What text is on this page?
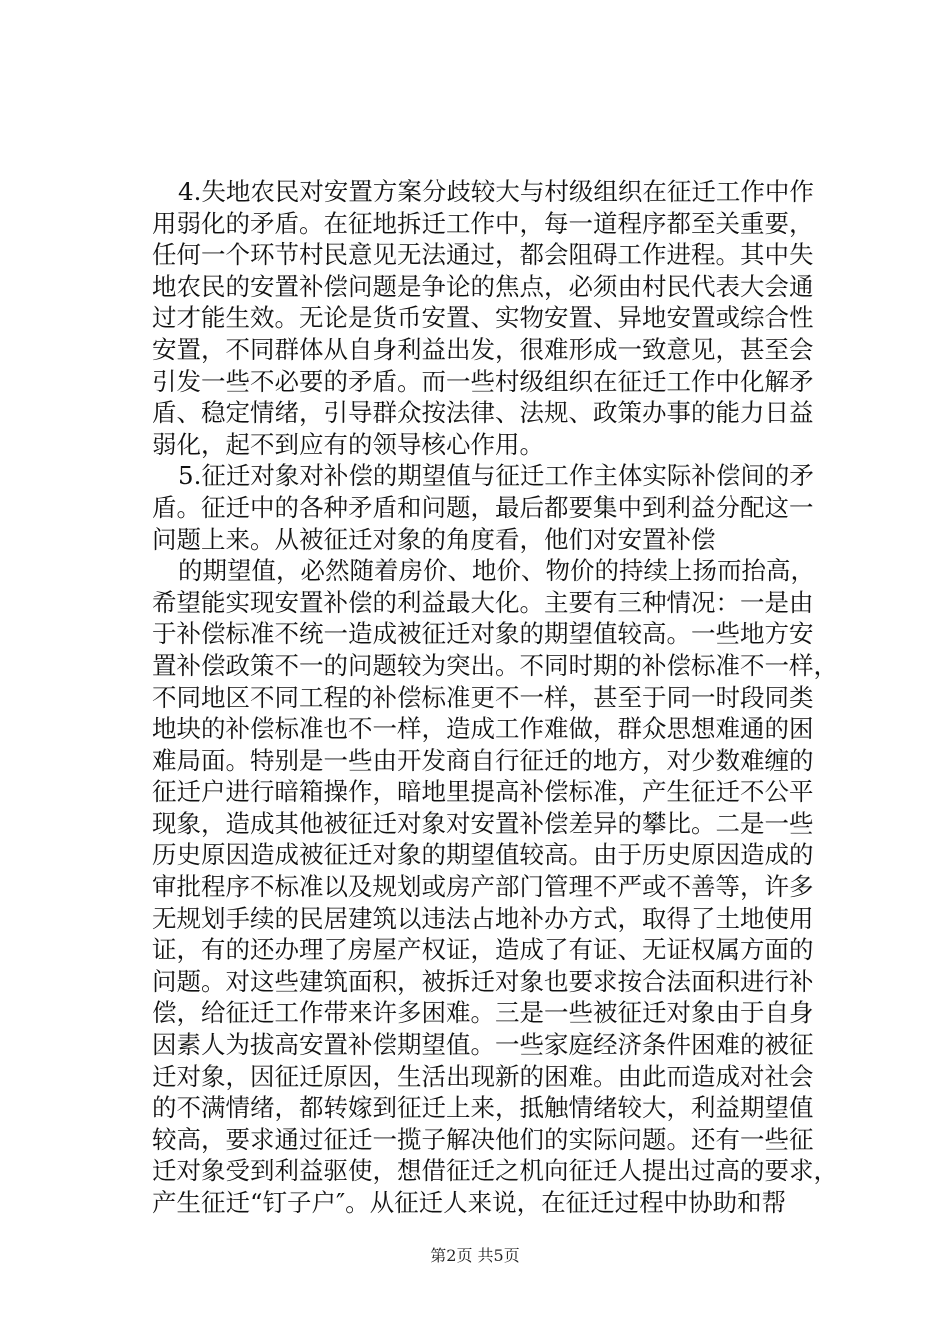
4.失地农民对安置方案分歧较大与村级组织在征迁工作中作
用弱化的矛盾。在征地拆迁工作中，每一道程序都至关重要，
任何一个环节村民意见无法通过，都会阻碍工作进程。其中失
地农民的安置补偿问题是争论的焦点，必须由村民代表大会通
过才能生效。无论是货币安置、实物安置、异地安置或综合性
安置，不同群体从自身利益出发，很难形成一致意见，甚至会
引发一些不必要的矛盾。而一些村级组织在征迁工作中化解矛
盾、稳定情绪，引导群众按法律、法规、政策办事的能力日益
弱化，起不到应有的领导核心作用。
5.征迁对象对补偿的期望值与征迁工作主体实际补偿间的矛
盾。征迁中的各种矛盾和问题，最后都要集中到利益分配这一
问题上来。从被征迁对象的角度看，他们对安置补偿
的期望值，必然随着房价、地价、物价的持续上扬而抬高，
希望能实现安置补偿的利益最大化。主要有三种情况：一是由
于补偿标准不统一造成被征迁对象的期望值较高。一些地方安
置补偿政策不一的问题较为突出。不同时期的补偿标准不一样，
不同地区不同工程的补偿标准更不一样，甚至于同一时段同类
地块的补偿标准也不一样，造成工作难做，群众思想难通的困
难局面。特别是一些由开发商自行征迁的地方，对少数难缠的
征迁户进行暗箱操作，暗地里提高补偿标准，产生征迁不公平
现象，造成其他被征迁对象对安置补偿差异的攀比。二是一些
历史原因造成被征迁对象的期望值较高。由于历史原因造成的
审批程序不标准以及规划或房产部门管理不严或不善等，许多
无规划手续的民居建筑以违法占地补办方式，取得了土地使用
证，有的还办理了房屋产权证，造成了有证、无证权属方面的
问题。对这些建筑面积，被拆迁对象也要求按合法面积进行补
偿，给征迁工作带来许多困难。三是一些被征迁对象由于自身
因素人为拔高安置补偿期望值。一些家庭经济条件困难的被征
迁对象，因征迁原因，生活出现新的困难。由此而造成对社会
的不满情绪，都转嫁到征迁上来，抵触情绪较大，利益期望值
较高，要求通过征迁一揽子解决他们的实际问题。还有一些征
迁对象受到利益驱使，想借征迁之机向征迁人提出过高的要求，
产生征迁“钉子户″。从征迁人来说，在征迁过程中协助和帮
第2页 共5页
